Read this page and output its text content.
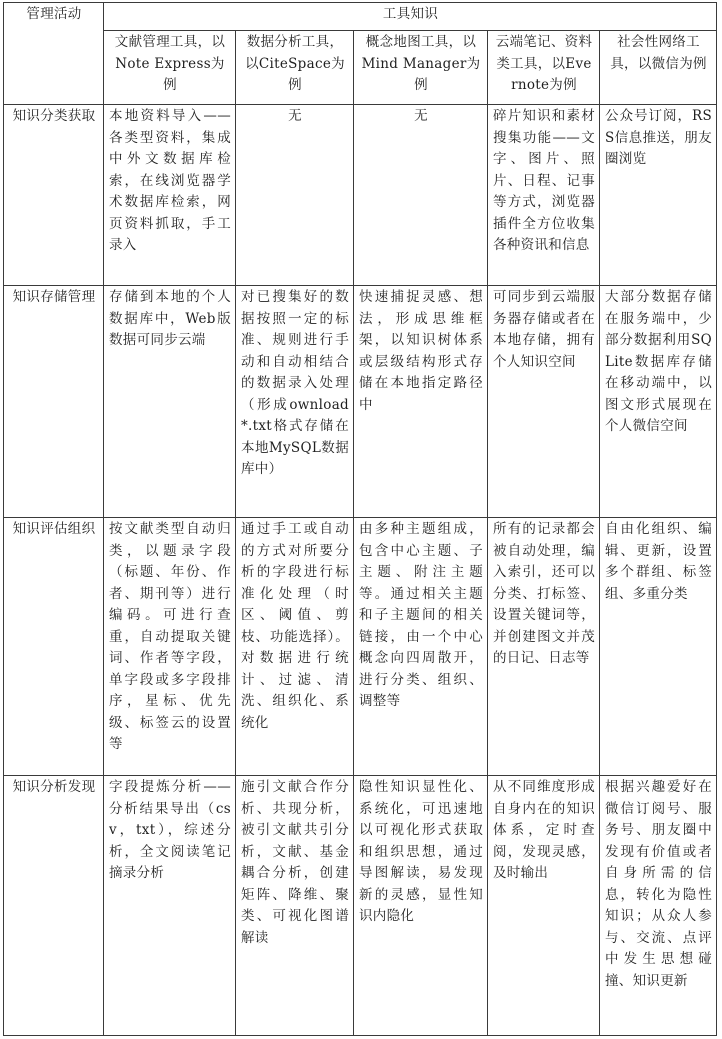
管理活动	工具知识				
	文献管理工具，以Note Express为例	数据分析工具，以CiteSpace为例	概念地图工具，以Mind Manager为例	云端笔记、资料类工具，以Evernote为例	社会性网络工具，以微信为例
知识分类获取	本地资料导入——各类型资料，集成中外文数据库检索，在线浏览器学术数据库检索，网页资料抓取，手工录入	无	无	碎片知识和素材搜集功能——文字、图片、照片、日程、记事等方式，浏览器插件全方位收集各种资讯和信息	公众号订阅，RSS信息推送，朋友圈浏览
知识存储管理	存储到本地的个人数据库中，Web版数据可同步云端	对已搜集好的数据按照一定的标准、规则进行手动和自动相结合的数据录入处理（形成ownload*.txt格式存储在本地MySQL数据库中）	快速捕捉灵感、想法，形成思维框架，以知识树体系或层级结构形式存储在本地指定路径中	可同步到云端服务器存储或者在本地存储，拥有个人知识空间	大部分数据存储在服务端中，少部分数据利用SQLite数据库存储在移动端中，以图文形式展现在个人微信空间
知识评估组织	按文献类型自动归类，以题录字段（标题、年份、作者、期刊等）进行编码。可进行查重，自动提取关键词、作者等字段，单字段或多字段排序，星标、优先级、标签云的设置等	通过手工或自动的方式对所要分析的字段进行标准化处理（时区、阈值、剪枝、功能选择）。对数据进行统计、过滤、清洗、组织化、系统化	由多种主题组成，包含中心主题、子主题、附注主题等。通过相关主题和子主题间的相关链接，由一个中心概念向四周散开，进行分类、组织、调整等	所有的记录都会被自动处理，编入索引，还可以分类、打标签、设置关键词等，并创建图文并茂的日记、日志等	自由化组织、编辑、更新，设置多个群组、标签组、多重分类
知识分析发现	字段提炼分析——分析结果导出（csv，txt），综述分析，全文阅读笔记摘录分析	施引文献合作分析、共现分析，被引文献共引分析，文献、基金耦合分析，创建矩阵、降维、聚类、可视化图谱解读	隐性知识显性化、系统化，可迅速地以可视化形式获取和组织思想，通过导图解读，易发现新的灵感，显性知识内隐化	从不同维度形成自身内在的知识体系，定时查阅，发现灵感，及时输出	根据兴趣爱好在微信订阅号、服务号、朋友圈中发现有价值或者自身所需的信息，转化为隐性知识；从众人参与、交流、点评中发生思想碰撞、知识更新
